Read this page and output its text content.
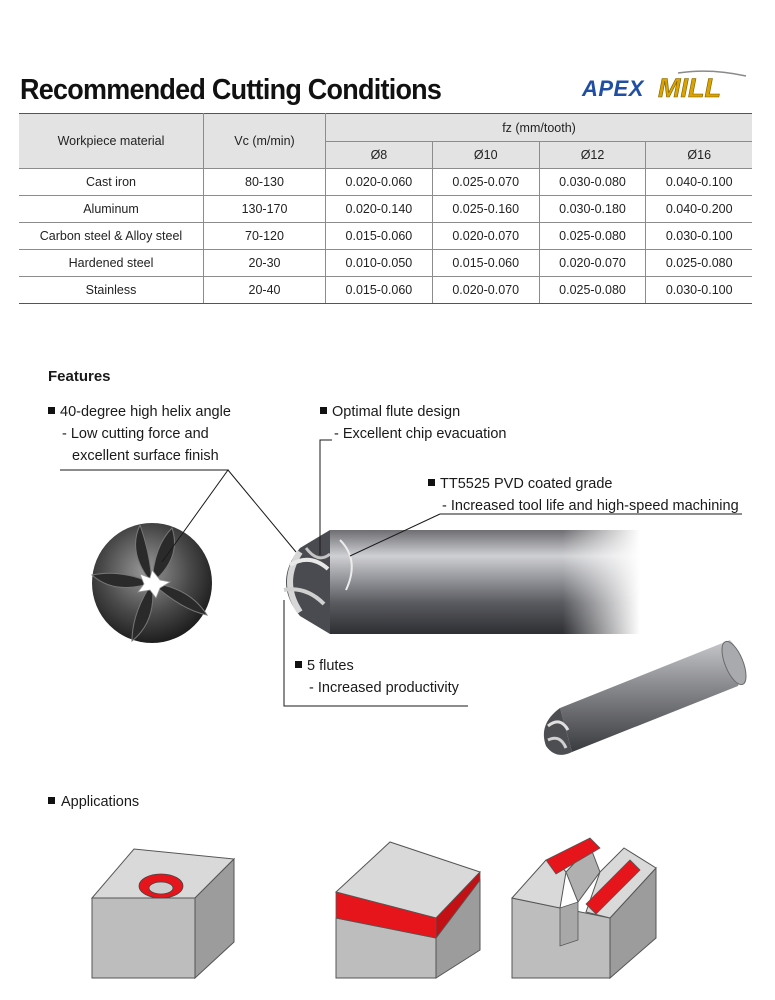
Recommended Cutting Conditions	APEX MILL
Workpiece material	Vc (m/min)	fz (mm/tooth)			
		Ø8	Ø10	Ø12	Ø16
Cast iron	80-130	0.020-0.060	0.025-0.070	0.030-0.080	0.040-0.100
Aluminum	130-170	0.020-0.140	0.025-0.160	0.030-0.180	0.040-0.200
Carbon steel & Alloy steel	70-120	0.015-0.060	0.020-0.070	0.025-0.080	0.030-0.100
Hardened steel	20-30	0.010-0.050	0.015-0.060	0.020-0.070	0.025-0.080
Stainless	20-40	0.015-0.060	0.020-0.070	0.025-0.080	0.030-0.100
Features
40-degree high helix angle
- Low cutting force and
excellent surface finish
Optimal flute design
- Excellent chip evacuation
TT5525 PVD coated grade
- Increased tool life and high-speed machining
5 flutes
- Increased productivity
Applications
